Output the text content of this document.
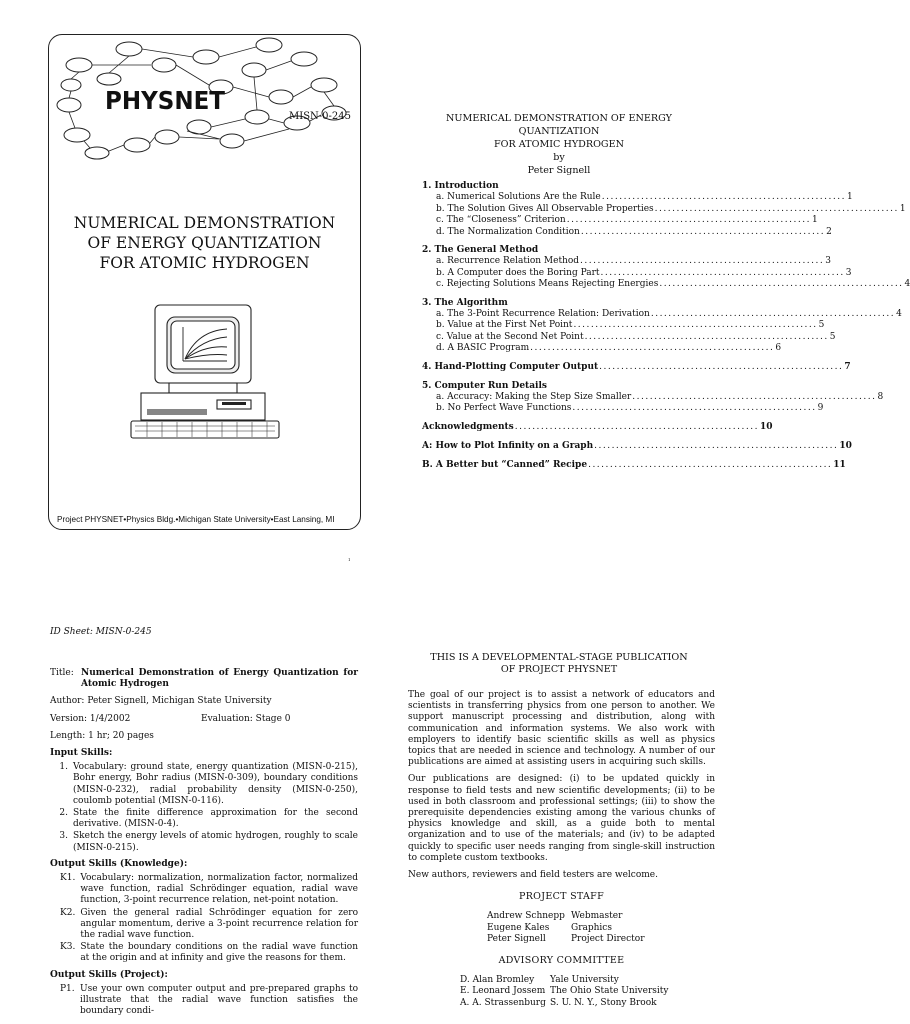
PHYSNET
MISN-0-245
NUMERICAL DEMONSTRATION
OF ENERGY QUANTIZATION
FOR ATOMIC HYDROGEN
Project PHYSNET•Physics Bldg.•Michigan State University•East Lansing, MI
1
NUMERICAL DEMONSTRATION OF ENERGY QUANTIZATION
FOR ATOMIC HYDROGEN
by
Peter Signell
1. Introduction
a. Numerical Solutions Are the Rule ........................................................ 1
b. The Solution Gives All Observable Properties ........................................................ 1
c. The “Closeness” Criterion ........................................................ 1
d. The Normalization Condition ........................................................ 2
2. The General Method
a. Recurrence Relation Method ........................................................ 3
b. A Computer does the Boring Part ........................................................ 3
c. Rejecting Solutions Means Rejecting Energies ........................................................ 4
3. The Algorithm
a. The 3-Point Recurrence Relation: Derivation ........................................................ 4
b. Value at the First Net Point ........................................................ 5
c. Value at the Second Net Point ........................................................ 5
d. A BASIC Program ........................................................ 6
4. Hand-Plotting Computer Output ........................................................ 7
5. Computer Run Details
a. Accuracy: Making the Step Size Smaller ........................................................ 8
b. No Perfect Wave Functions ........................................................ 9
Acknowledgments ........................................................ 10
A: How to Plot Infinity on a Graph ........................................................ 10
B. A Better but “Canned” Recipe ........................................................ 11
ID Sheet: MISN-0-245
Title: Numerical Demonstration of Energy Quantization for Atomic Hydrogen
Author: Peter Signell, Michigan State University
Version: 1/4/2002	Evaluation: Stage 0
Length: 1 hr; 20 pages
Input Skills:
1. Vocabulary: ground state, energy quantization (MISN-0-215), Bohr energy, Bohr radius (MISN-0-309), boundary conditions (MISN-0-232), radial probability density (MISN-0-250), coulomb potential (MISN-0-116).
2. State the finite difference approximation for the second derivative. (MISN-0-4).
3. Sketch the energy levels of atomic hydrogen, roughly to scale (MISN-0-215).
Output Skills (Knowledge):
K1. Vocabulary: normalization, normalization factor, normalized wave function, radial Schrödinger equation, radial wave function, 3-point recurrence relation, net-point notation.
K2. Given the general radial Schrödinger equation for zero angular momentum, derive a 3-point recurrence relation for the radial wave function.
K3. State the boundary conditions on the radial wave function at the origin and at infinity and give the reasons for them.
Output Skills (Project):
P1. Use your own computer output and pre-prepared graphs to illustrate that the radial wave function satisfies the boundary condi-
THIS IS A DEVELOPMENTAL-STAGE PUBLICATION
OF PROJECT PHYSNET

The goal of our project is to assist a network of educators and scientists in transferring physics from one person to another. We support manuscript processing and distribution, along with communication and information systems. We also work with employers to identify basic scientific skills as well as physics topics that are needed in science and technology. A number of our publications are aimed at assisting users in acquiring such skills.

Our publications are designed: (i) to be updated quickly in response to field tests and new scientific developments; (ii) to be used in both classroom and professional settings; (iii) to show the prerequisite dependencies existing among the various chunks of physics knowledge and skill, as a guide both to mental organization and to use of the materials; and (iv) to be adapted quickly to specific user needs ranging from single-skill instruction to complete custom textbooks.

New authors, reviewers and field testers are welcome.

PROJECT STAFF
Andrew Schnepp Webmaster
Eugene Kales	Graphics
Peter Signell	Project Director
ADVISORY COMMITTEE
D. Alan Bromley	Yale University
E. Leonard Jossem The Ohio State University
A. A. Strassenburg S. U. N. Y., Stony Brook
